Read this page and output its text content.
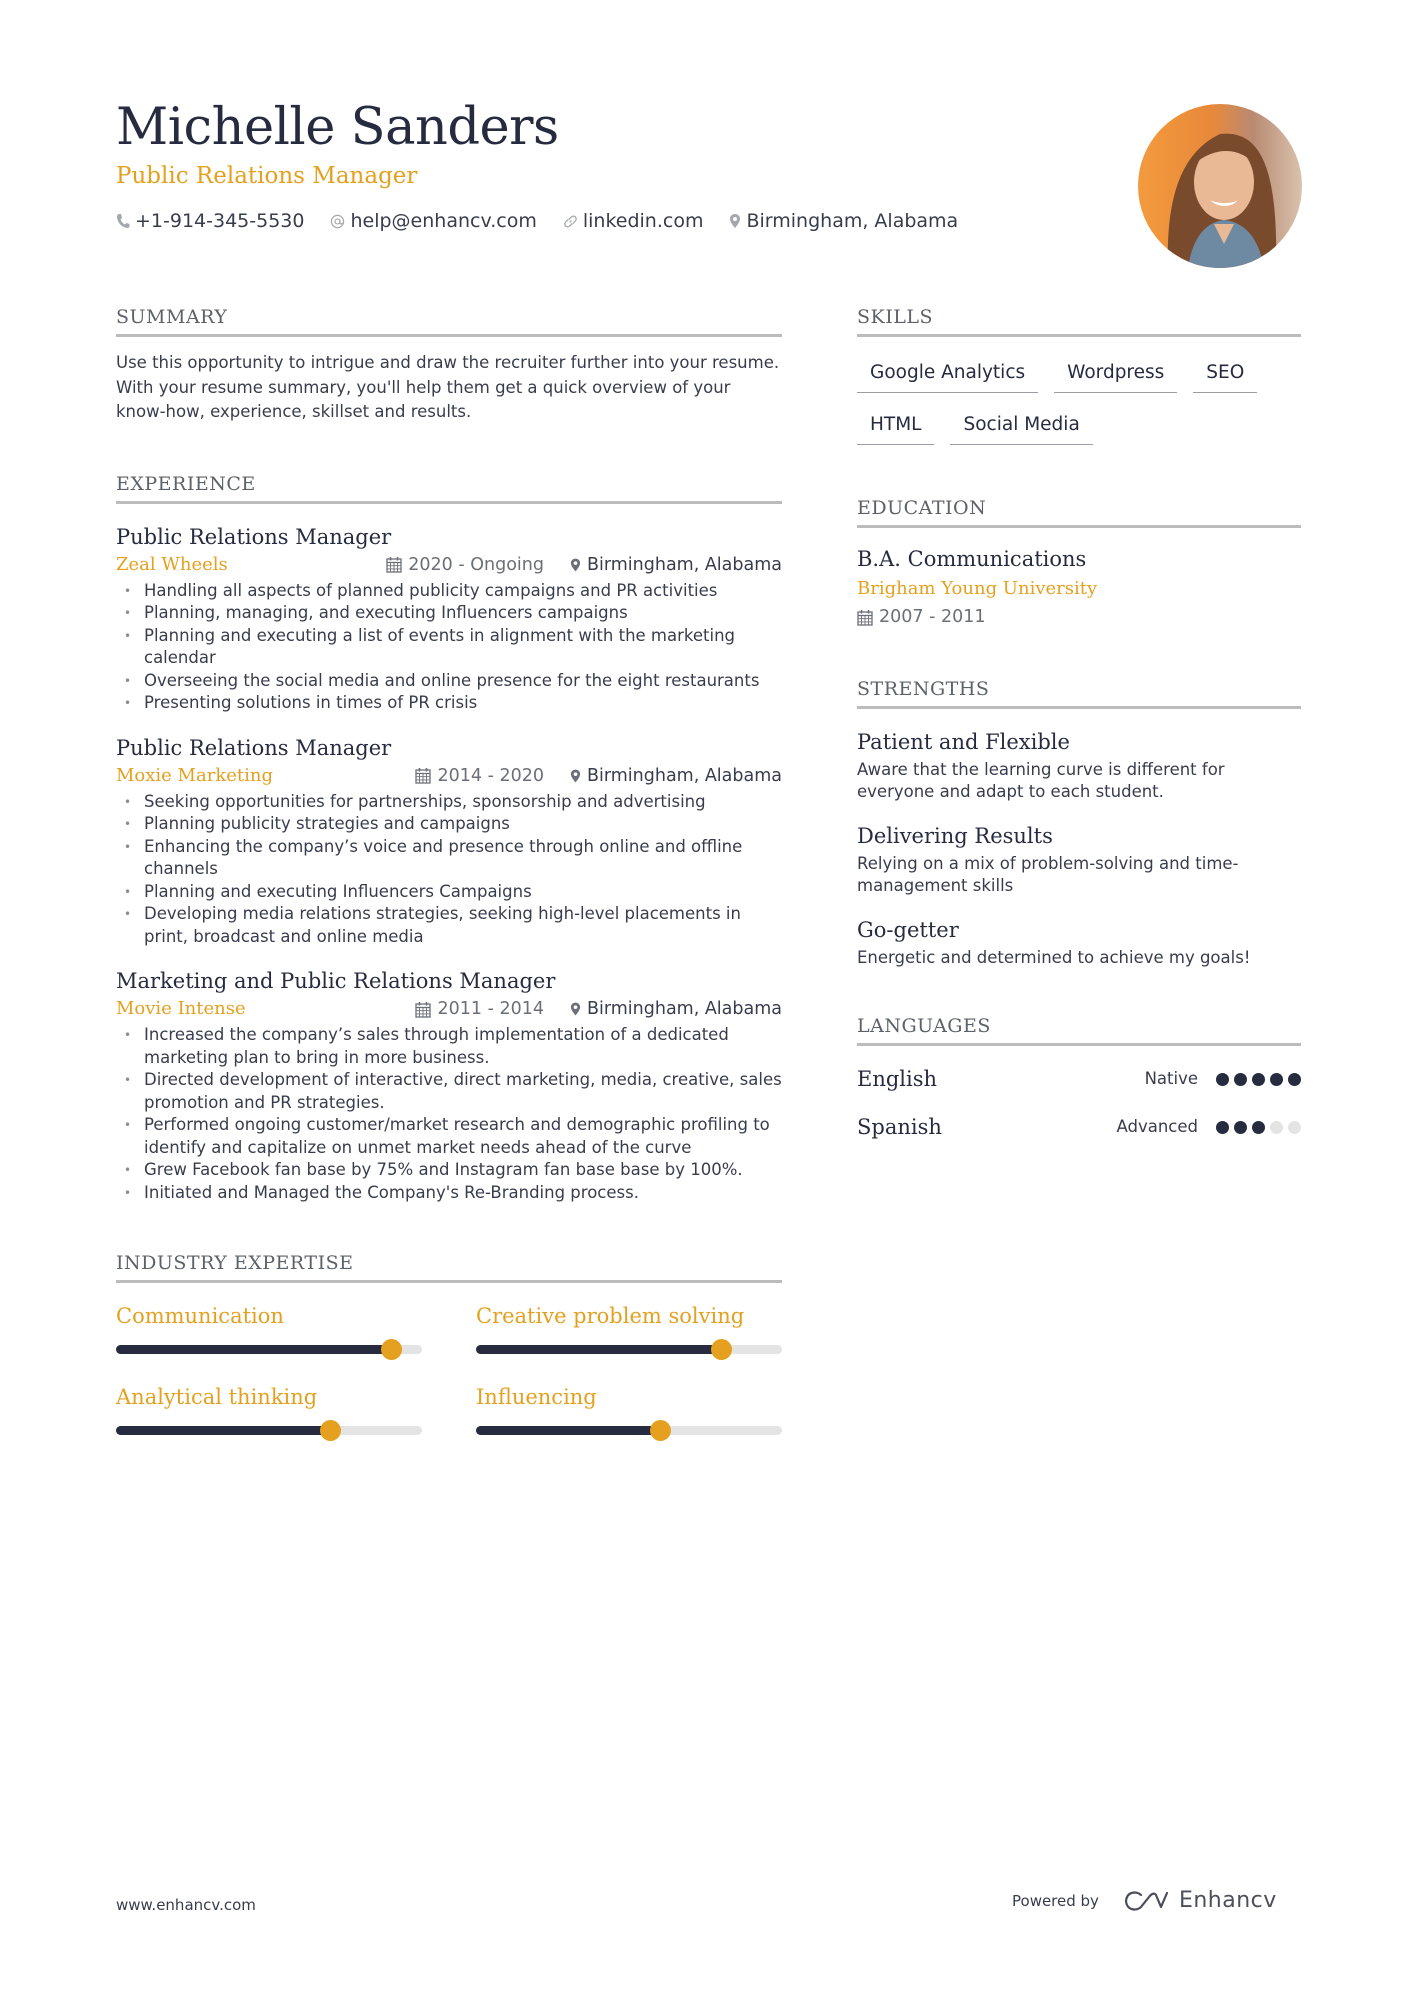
Michelle Sanders
Public Relations Manager
+1-914-345-5530 help@enhancv.com linkedin.com Birmingham, Alabama
SUMMARY

Use this opportunity to intrigue and draw the recruiter further into your resume. With your resume summary, you'll help them get a quick overview of your know-how, experience, skillset and results.

EXPERIENCE
Public Relations Manager
Zeal Wheels	2020 - Ongoing Birmingham, Alabama
• Handling all aspects of planned publicity campaigns and PR activities
• Planning, managing, and executing Influencers campaigns
• Planning and executing a list of events in alignment with the marketing calendar
• Overseeing the social media and online presence for the eight restaurants
• Presenting solutions in times of PR crisis
Public Relations Manager
Moxie Marketing	2014 - 2020 Birmingham, Alabama
• Seeking opportunities for partnerships, sponsorship and advertising
• Planning publicity strategies and campaigns
• Enhancing the company’s voice and presence through online and offline channels
• Planning and executing Influencers Campaigns
• Developing media relations strategies, seeking high-level placements in print, broadcast and online media
Marketing and Public Relations Manager
Movie Intense	2011 - 2014 Birmingham, Alabama
• Increased the company’s sales through implementation of a dedicated marketing plan to bring in more business.
• Directed development of interactive, direct marketing, media, creative, sales promotion and PR strategies.
• Performed ongoing customer/market research and demographic profiling to identify and capitalize on unmet market needs ahead of the curve
• Grew Facebook fan base by 75% and Instagram fan base base by 100%.
• Initiated and Managed the Company's Re-Branding process.
INDUSTRY EXPERTISE
Communication	Creative problem solving
Analytical thinking	Influencing
SKILLS
Google Analytics	Wordpress	SEO
HTML	Social Media
EDUCATION
B.A. Communications
Brigham Young University
2007 - 2011
STRENGTHS
Patient and Flexible
Aware that the learning curve is different for everyone and adapt to each student.
Delivering Results
Relying on a mix of problem-solving and time-management skills
Go-getter
Energetic and determined to achieve my goals!
LANGUAGES
English	Native
Spanish	Advanced
www.enhancv.com	Powered by	Enhancv
